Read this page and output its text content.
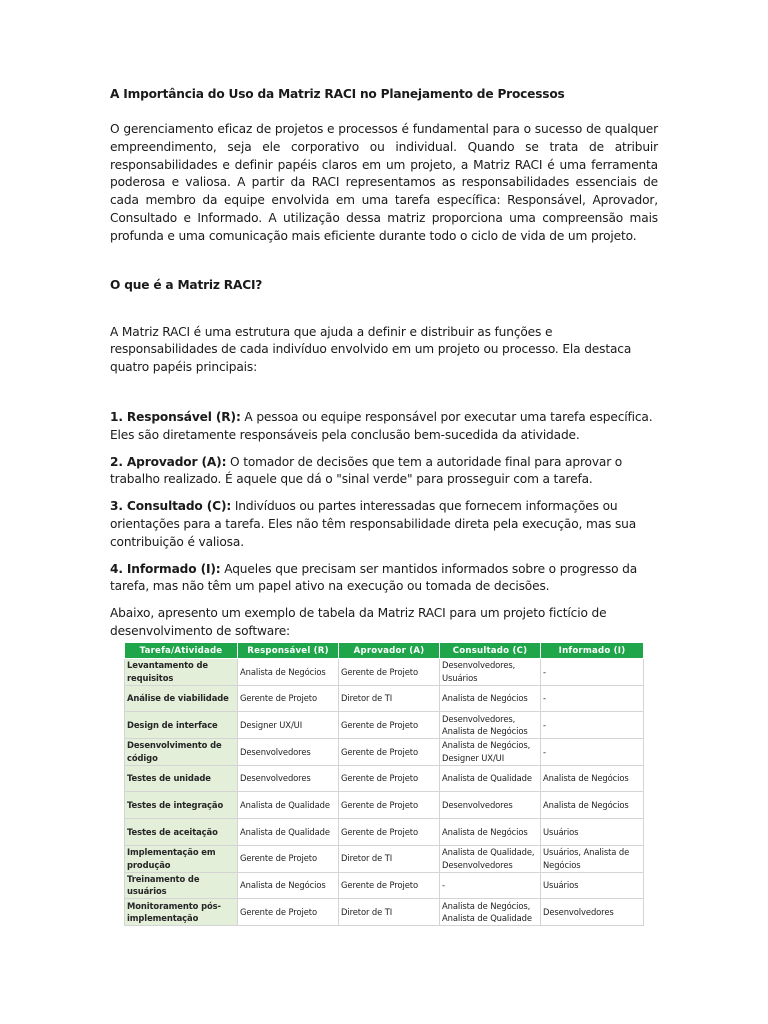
A Importância do Uso da Matriz RACI no Planejamento de Processos

O gerenciamento eficaz de projetos e processos é fundamental para o sucesso de qualquer empreendimento, seja ele corporativo ou individual. Quando se trata de atribuir responsabilidades e definir papéis claros em um projeto, a Matriz RACI é uma ferramenta poderosa e valiosa. A partir da RACI representamos as responsabilidades essenciais de cada membro da equipe envolvida em uma tarefa específica: Responsável, Aprovador, Consultado e Informado. A utilização dessa matriz proporciona uma compreensão mais profunda e uma comunicação mais eficiente durante todo o ciclo de vida de um projeto.

O que é a Matriz RACI?

A Matriz RACI é uma estrutura que ajuda a definir e distribuir as funções e responsabilidades de cada indivíduo envolvido em um projeto ou processo. Ela destaca quatro papéis principais:

1. Responsável (R): A pessoa ou equipe responsável por executar uma tarefa específica. Eles são diretamente responsáveis pela conclusão bem-sucedida da atividade.

2. Aprovador (A): O tomador de decisões que tem a autoridade final para aprovar o trabalho realizado. É aquele que dá o "sinal verde" para prosseguir com a tarefa.

3. Consultado (C): Indivíduos ou partes interessadas que fornecem informações ou orientações para a tarefa. Eles não têm responsabilidade direta pela execução, mas sua contribuição é valiosa.

4. Informado (I): Aqueles que precisam ser mantidos informados sobre o progresso da tarefa, mas não têm um papel ativo na execução ou tomada de decisões.

Abaixo, apresento um exemplo de tabela da Matriz RACI para um projeto fictício de desenvolvimento de software:

Tarefa/Atividade	Responsável (R)	Aprovador (A)	Consultado (C)	Informado (I)
Levantamento de requisitos	Analista de Negócios	Gerente de Projeto	Desenvolvedores, Usuários	-
Análise de viabilidade	Gerente de Projeto	Diretor de TI	Analista de Negócios	-
Design de interface	Designer UX/UI	Gerente de Projeto	Desenvolvedores, Analista de Negócios	-
Desenvolvimento de código	Desenvolvedores	Gerente de Projeto	Analista de Negócios, Designer UX/UI	-
Testes de unidade	Desenvolvedores	Gerente de Projeto	Analista de Qualidade	Analista de Negócios
Testes de integração	Analista de Qualidade	Gerente de Projeto	Desenvolvedores	Analista de Negócios
Testes de aceitação	Analista de Qualidade	Gerente de Projeto	Analista de Negócios	Usuários
Implementação em produção	Gerente de Projeto	Diretor de TI	Analista de Qualidade, Desenvolvedores	Usuários, Analista de Negócios
Treinamento de usuários	Analista de Negócios	Gerente de Projeto	-	Usuários
Monitoramento pós-implementação	Gerente de Projeto	Diretor de TI	Analista de Negócios, Analista de Qualidade	Desenvolvedores
